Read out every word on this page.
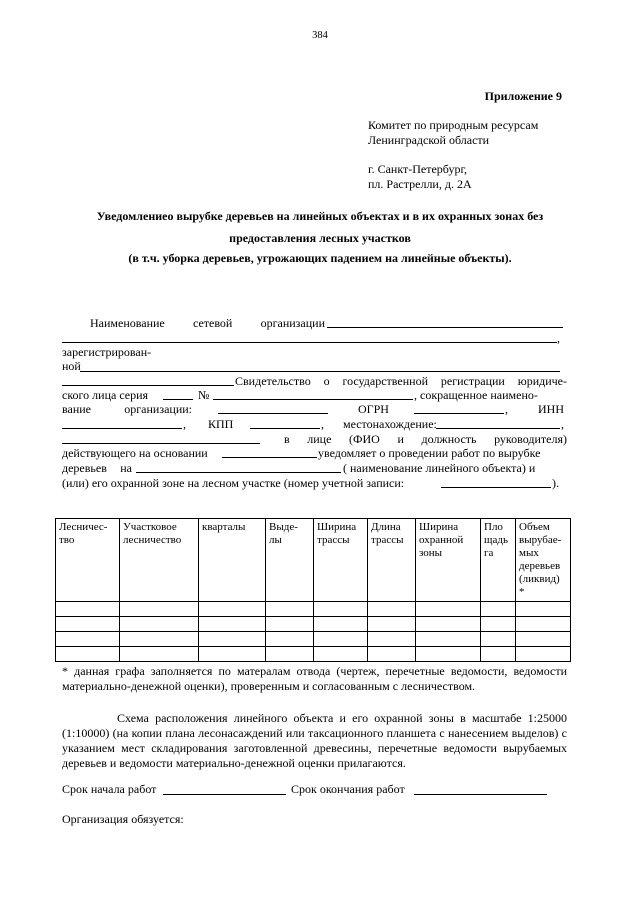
384
Приложение 9
Комитет по природным ресурсам
Ленинградской области
г. Санкт-Петербург,
пл. Растрелли, д. 2А
Уведомлениео вырубке деревьев на линейных объектах и в их охранных зонах без
предоставления лесных участков
(в т.ч. уборка деревьев, угрожающих падением на линейные объекты).
Наименование сетевой организации
,
зарегистрирован-
ной
Свидетельство о государственной регистрации юридиче-
ского лица серия	№	, сокращенное наимено-
вание организации:	ОГРН	,	ИНН
, КПП	, местонахождение:	,
в лице (ФИО и должность руководителя)
действующего на основании	уведомляет о проведении работ по вырубке
деревьев на	( наименование линейного объекта) и
(или) его охранной зоне на лесном участке (номер учетной записи:	).
Лесничес-тво	Участковое лесничество	кварталы	Выде-лы	Ширина трассы	Длина трассы	Ширина охранной зоны	Пло щадь га	Объем вырубае-мых деревьев (ликвид) *

* данная графа заполняется по матералам отвода (чертеж, перечетные ведомости, ведомости материально-денежной оценки), проверенным и согласованным с лесничеством.
Схема расположения линейного объекта и его охранной зоны в масштабе 1:25000 (1:10000) (на копии плана лесонасаждений или таксационного планшета с нанесением выделов) с указанием мест складирования заготовленной древесины, перечетные ведомости вырубаемых деревьев и ведомости материально-денежной оценки прилагаются.
Срок начала работ	Срок окончания работ
Организация обязуется:
